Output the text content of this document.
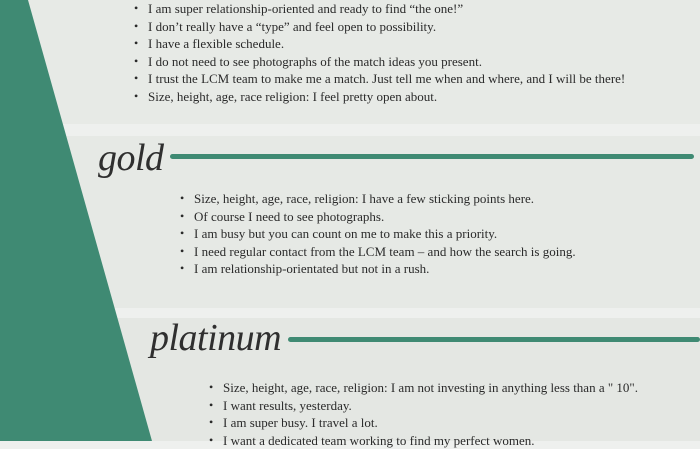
• I am super relationship-oriented and ready to find “the one!”
• I don’t really have a “type” and feel open to possibility.
• I have a flexible schedule.
• I do not need to see photographs of the match ideas you present.
• I trust the LCM team to make me a match. Just tell me when and where, and I will be there!
• Size, height, age, race religion: I feel pretty open about.
gold
• Size, height, age, race, religion: I have a few sticking points here.
• Of course I need to see photographs.
• I am busy but you can count on me to make this a priority.
• I need regular contact from the LCM team – and how the search is going.
• I am relationship-orientated but not in a rush.
platinum
• Size, height, age, race, religion: I am not investing in anything less than a " 10".
• I want results, yesterday.
• I am super busy. I travel a lot.
• I want a dedicated team working to find my perfect women.
